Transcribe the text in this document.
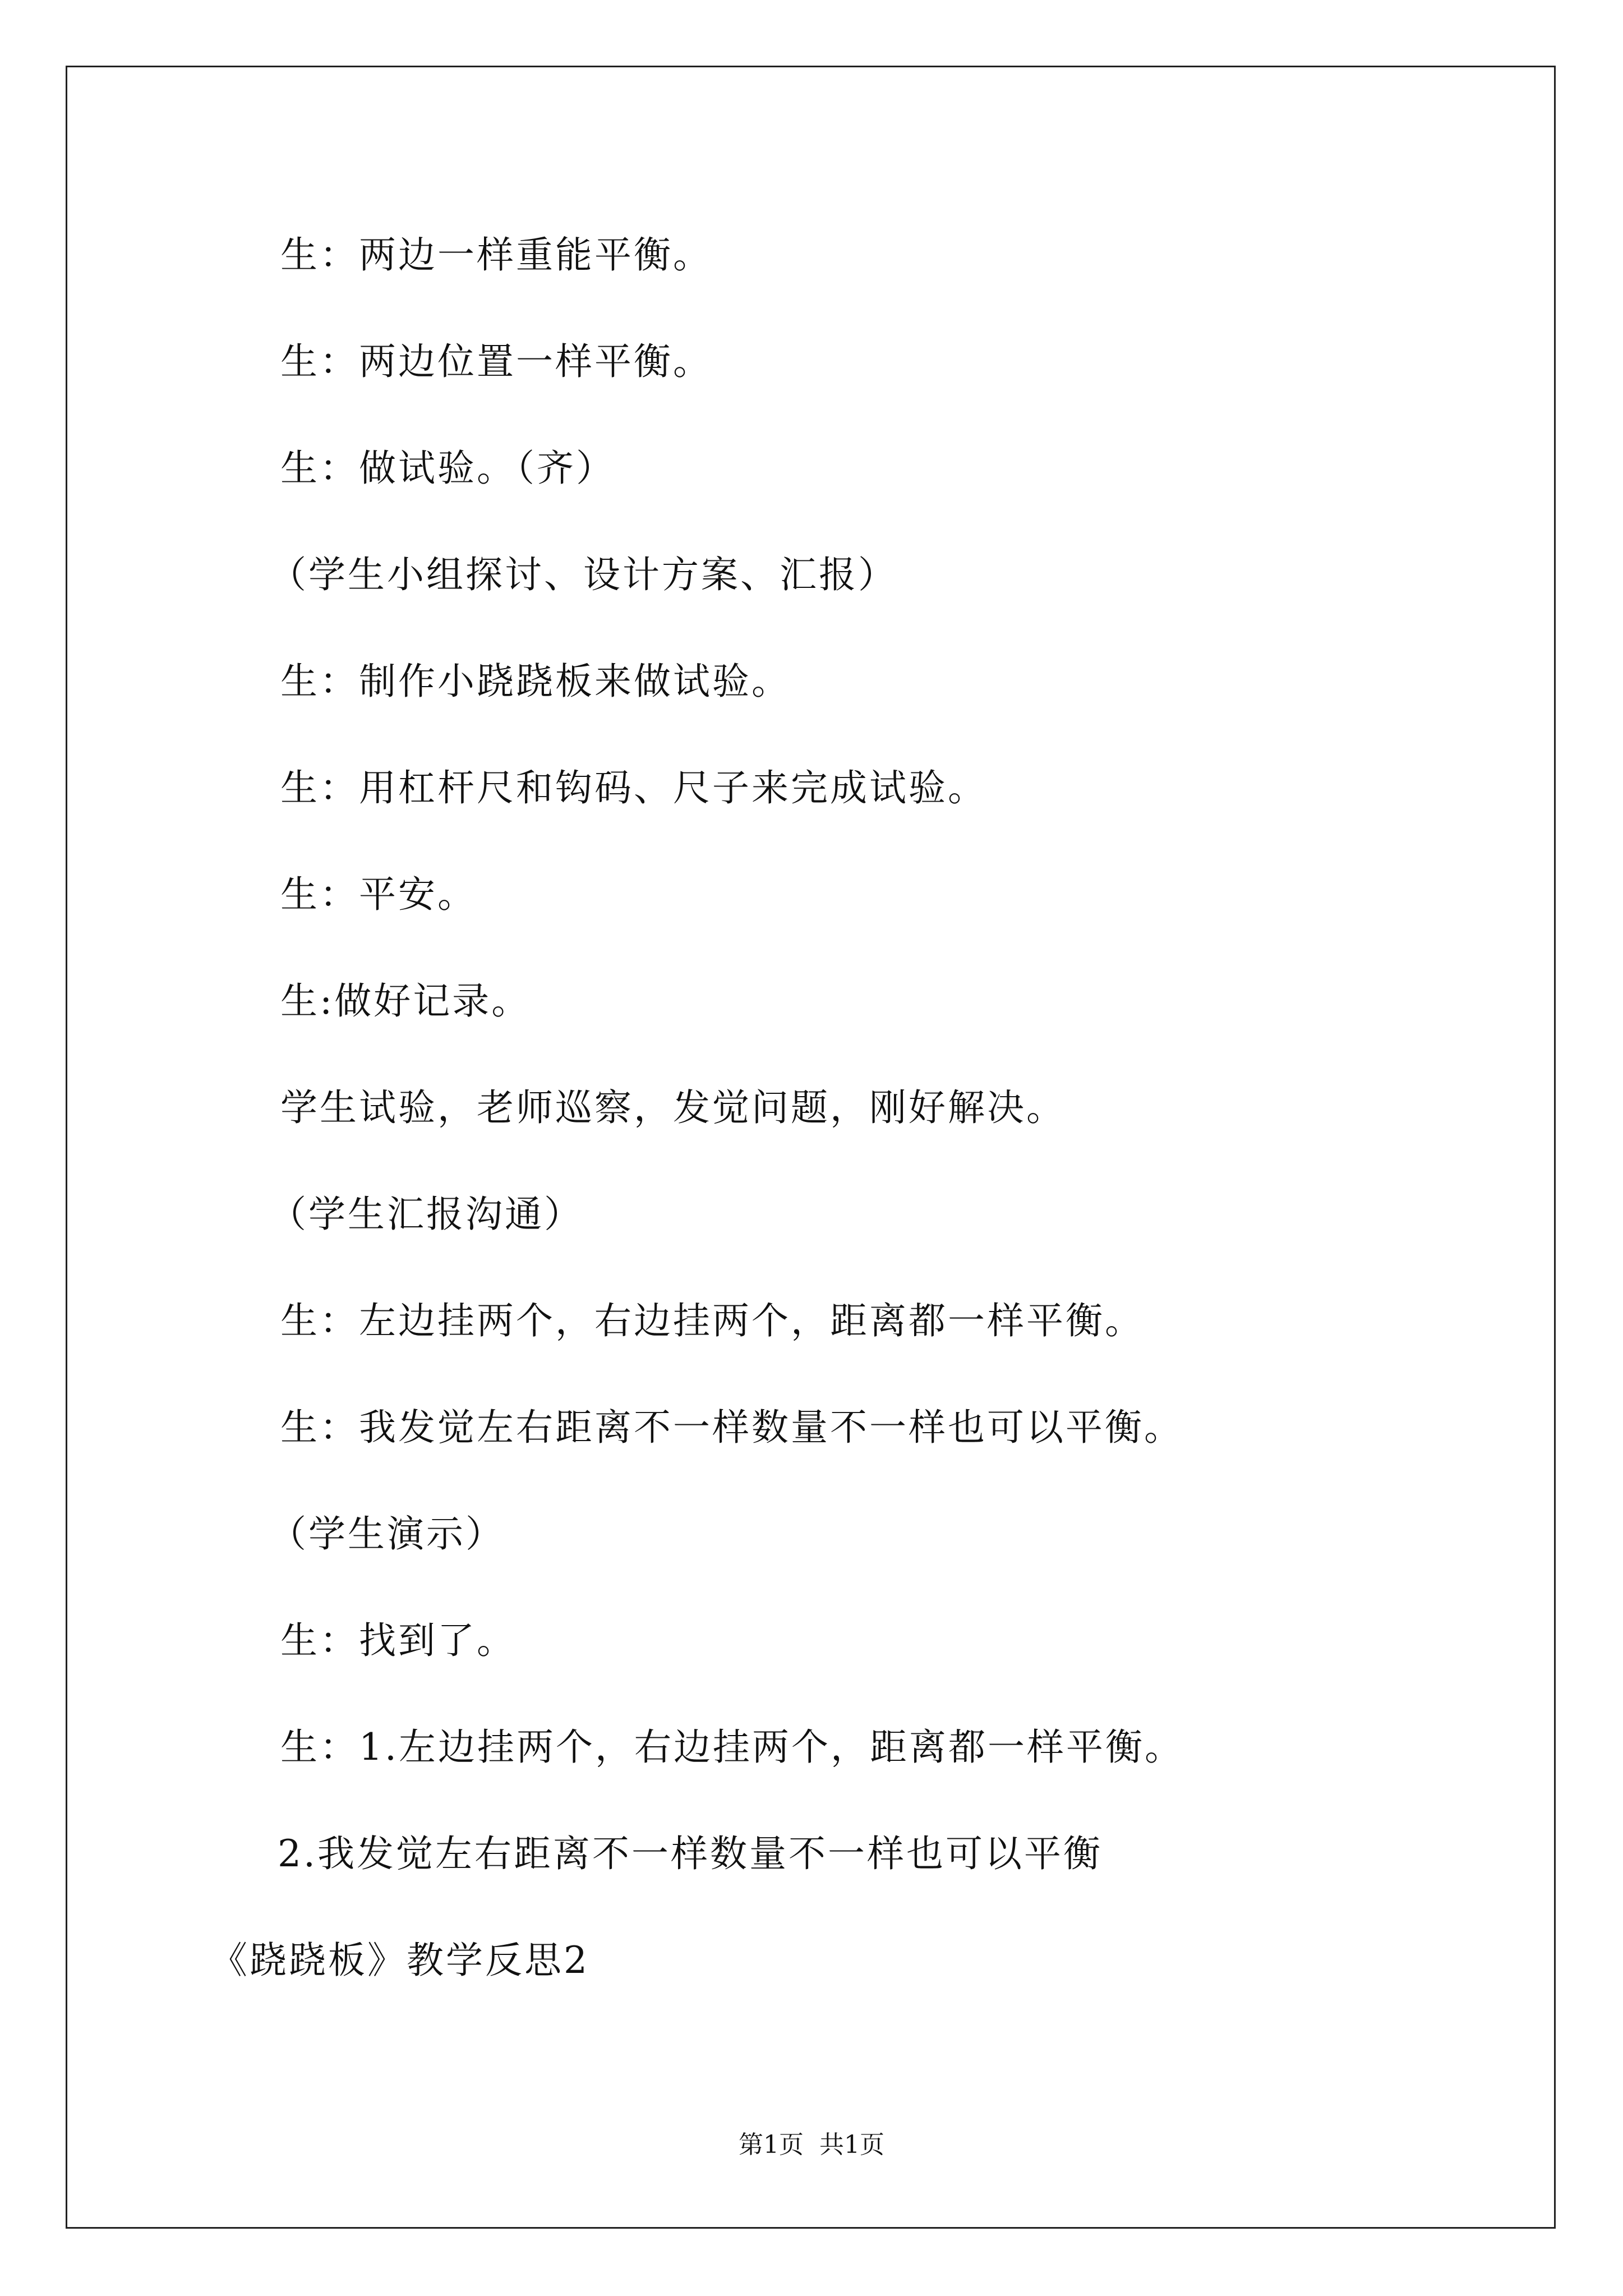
生：两边一样重能平衡。
生：两边位置一样平衡。
生：做试验。（齐）
（学生小组探讨、设计方案、汇报）
生：制作小跷跷板来做试验。
生：用杠杆尺和钩码、尺子来完成试验。
生：平安。
生:做好记录。
学生试验，老师巡察，发觉问题，刚好解决。
（学生汇报沟通）
生：左边挂两个，右边挂两个，距离都一样平衡。
生：我发觉左右距离不一样数量不一样也可以平衡。
（学生演示）
生：找到了。
生：1.左边挂两个，右边挂两个，距离都一样平衡。
2.我发觉左右距离不一样数量不一样也可以平衡
《跷跷板》教学反思2
第1页 共1页
